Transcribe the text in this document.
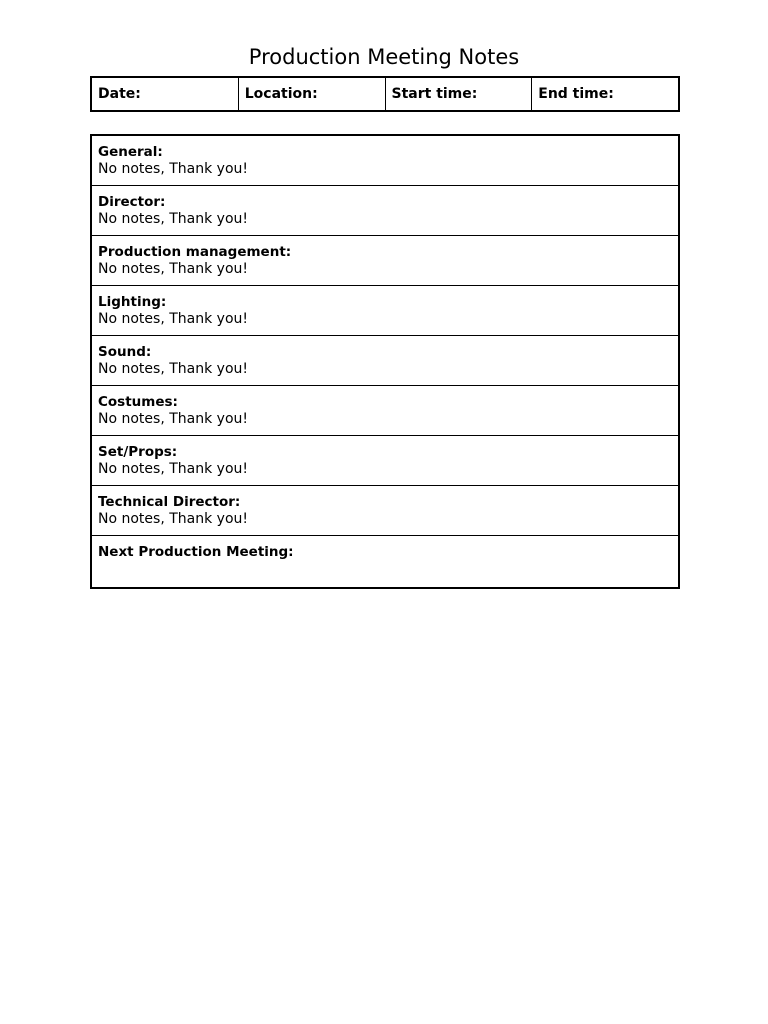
Production Meeting Notes
Date:	Location:	Start time:	End time:
General:
No notes, Thank you!
Director:
No notes, Thank you!
Production management:
No notes, Thank you!
Lighting:
No notes, Thank you!
Sound:
No notes, Thank you!
Costumes:
No notes, Thank you!
Set/Props:
No notes, Thank you!
Technical Director:
No notes, Thank you!
Next Production Meeting:
